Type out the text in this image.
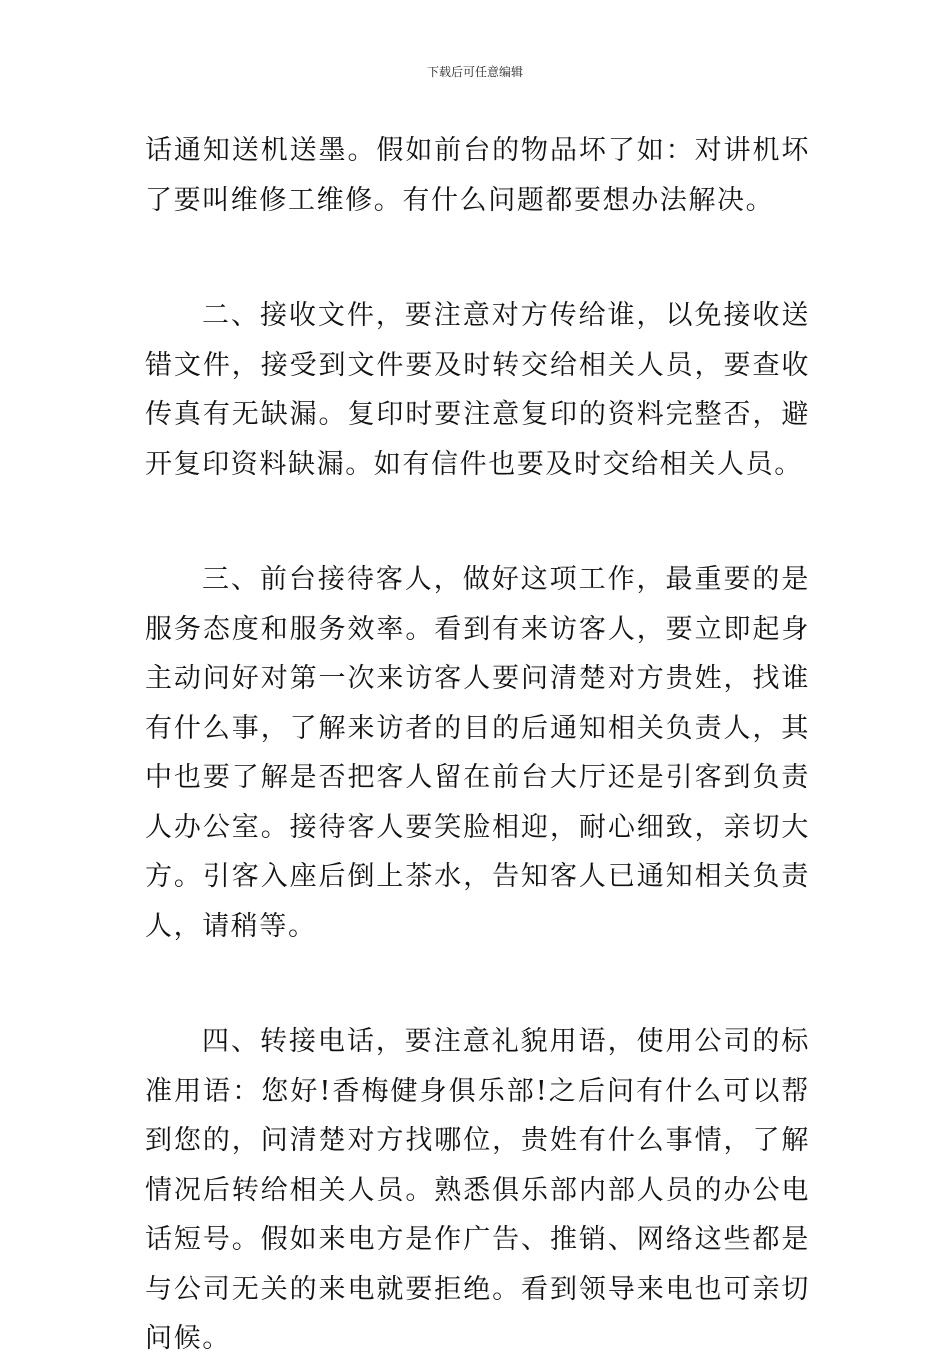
下载后可任意编辑

话通知送机送墨。假如前台的物品坏了如：对讲机坏了要叫维修工维修。有什么问题都要想办法解决。

二、接收文件，要注意对方传给谁，以免接收送错文件，接受到文件要及时转交给相关人员，要查收传真有无缺漏。复印时要注意复印的资料完整否，避开复印资料缺漏。如有信件也要及时交给相关人员。

三、前台接待客人，做好这项工作，最重要的是服务态度和服务效率。看到有来访客人，要立即起身主动问好对第一次来访客人要问清楚对方贵姓，找谁有什么事，了解来访者的目的后通知相关负责人，其中也要了解是否把客人留在前台大厅还是引客到负责人办公室。接待客人要笑脸相迎，耐心细致，亲切大方。引客入座后倒上茶水，告知客人已通知相关负责人，请稍等。

四、转接电话，要注意礼貌用语，使用公司的标准用语：您好!香梅健身俱乐部!之后问有什么可以帮到您的，问清楚对方找哪位，贵姓有什么事情，了解情况后转给相关人员。熟悉俱乐部内部人员的办公电话短号。假如来电方是作广告、推销、网络这些都是与公司无关的来电就要拒绝。看到领导来电也可亲切问候。
